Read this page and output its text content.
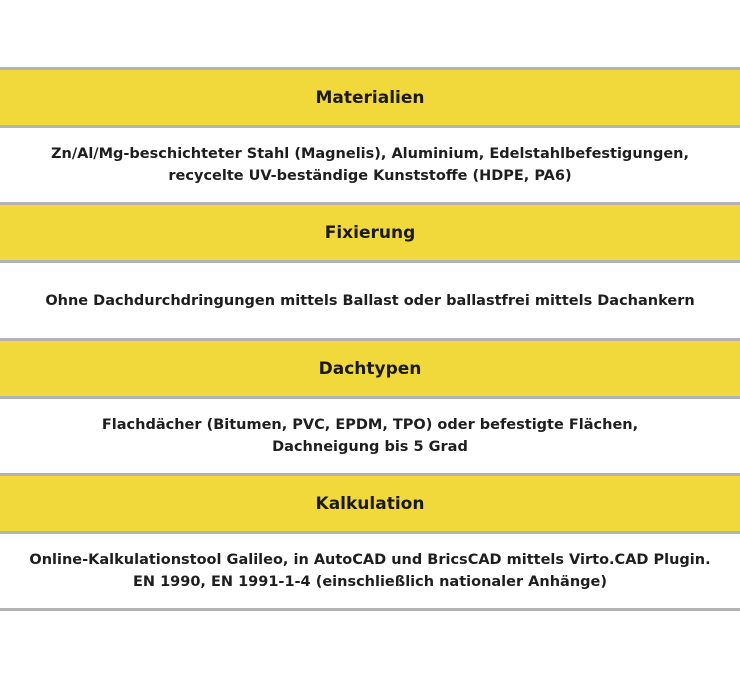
Materialien
Zn/Al/Mg-beschichteter Stahl (Magnelis), Aluminium, Edelstahlbefestigungen,
recycelte UV-beständige Kunststoffe (HDPE, PA6)
Fixierung
Ohne Dachdurchdringungen mittels Ballast oder ballastfrei mittels Dachankern
Dachtypen
Flachdächer (Bitumen, PVC, EPDM, TPO) oder befestigte Flächen,
Dachneigung bis 5 Grad
Kalkulation
Online-Kalkulationstool Galileo, in AutoCAD und BricsCAD mittels Virto.CAD Plugin.
EN 1990, EN 1991-1-4 (einschließlich nationaler Anhänge)
